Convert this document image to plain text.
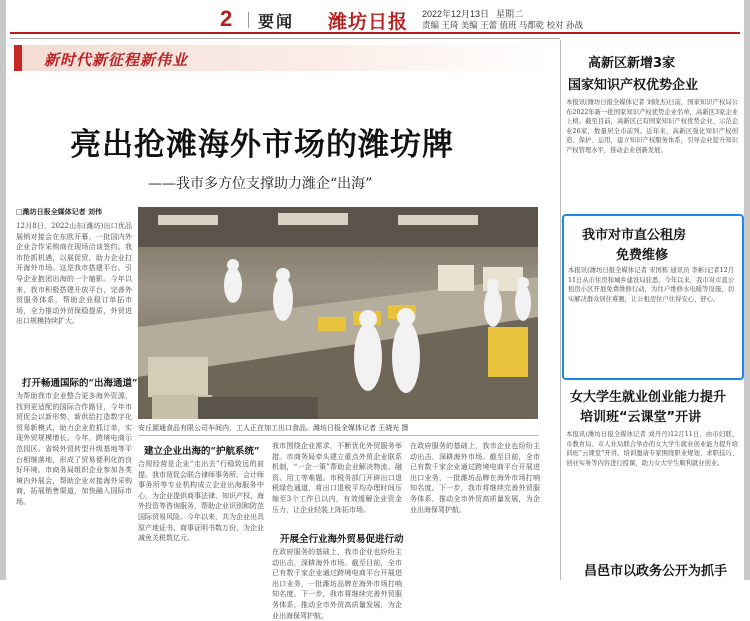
2 要闻 潍坊日报 2022年12月13日 星期二
责编 王琦 美编 王蕾 值班 马都乾 校对 孙战
新时代新征程新伟业
亮出抢滩海外市场的潍坊牌
——我市多方位支撑助力潍企“出海”
□潍坊日报全媒体记者 刘伟
12月8日，2022山东(潍坊)出口优品展销对接会在东欧开幕，一批国内外企业合作采购商在现场洽谈签约。我市抢抓机遇，以展促贸，助力企业打开海外市场。这是我市搭建平台、引导企业抱团出海的一个缩影。今年以来，我市积极搭建开放平台，完善外贸服务体系，帮助企业稳订单拓市场，全力推动外贸保稳提质，外贸进出口规模持续扩大。
打开畅通国际的“出海通道”
为帮助我市企业整合更多海外资源，找到更适配的国际合作路径，今年市贸促会以新形势、新供给打造数字化贸易新模式，助力企业抢抓订单，实现外贸规模增长。今年，跨境电商示范园区、省级外贸转型升级基地等平台相继落地，形成了贸易便利化的良好环境。市商务局组织企业参加各类境内外展会，帮助企业对接海外采购商，拓展销售渠道，加快融入国际市场。
安丘源通食品有限公司车间内，工人正在加工出口食品。潍坊日报全媒体记者 王晓光 摄
建立企业出海的“护航系统”
合规经营是企业“走出去”行稳致远的前提。我市贸促会联合律师事务所、会计师事务所等专业机构成立企业出海服务中心，为企业提供商事法律、知识产权、海外投资等咨询服务，帮助企业识别和防范国际贸易风险。今年以来，共为企业出具原产地证书、商事证明书数万份，为企业减免关税数亿元。
我市围绕企业需求，不断优化外贸服务举措。市商务局牵头建立重点外贸企业联系机制，“一企一策”帮助企业解决物流、融资、用工等难题。市税务部门开辟出口退税绿色通道，将出口退税平均办理时间压缩至3个工作日以内，有效缓解企业资金压力，让企业轻装上阵拓市场。
开展全行业海外贸易促进行动
在政府服务的基础上，我市企业也纷纷主动出击，深耕海外市场。截至目前，全市已有数千家企业通过跨境电商平台开展进出口业务，一批潍坊品牌在海外市场打响知名度。下一步，我市将继续完善外贸服务体系，推动全市外贸高质量发展，为企业出海保驾护航。
在政府服务的基础上，我市企业也纷纷主动出击，深耕海外市场。截至目前，全市已有数千家企业通过跨境电商平台开展进出口业务，一批潍坊品牌在海外市场打响知名度。下一步，我市将继续完善外贸服务体系，推动全市外贸高质量发展，为企业出海保驾护航。
高新区新增3家
国家知识产权优势企业
本报讯(潍坊日报全媒体记者 刘晓杰)日前，国家知识产权局公布2022年新一批国家知识产权优势企业名单，高新区3家企业上榜。截至目前，高新区已有国家知识产权优势企业、示范企业26家，数量居全市前列。近年来，高新区强化知识产权创造、保护、运用，建立知识产权服务体系，引导企业提升知识产权管理水平，推动企业创新发展。
我市对市直公租房
免费维修
本报讯(潍坊日报全媒体记者 宋国栋 通讯员 李彬)记者12月11日从市住房和城乡建设局获悉，今年以来，我市对市直公租房小区开展免费维修行动，为住户维修水电暖等设施，切实解决群众居住难题，让公租房住户住得安心、舒心。
女大学生就业创业能力提升
培训班“云课堂”开讲
本报讯(潍坊日报全媒体记者 刘丹丹)12月11日，由市妇联、市教育局、市人社局联合举办的女大学生就业创业能力提升培训班“云课堂”开讲。培训邀请专家围绕职业规划、求职技巧、创业实务等内容进行授课，助力女大学生顺利就业创业。
昌邑市以政务公开为抓手
